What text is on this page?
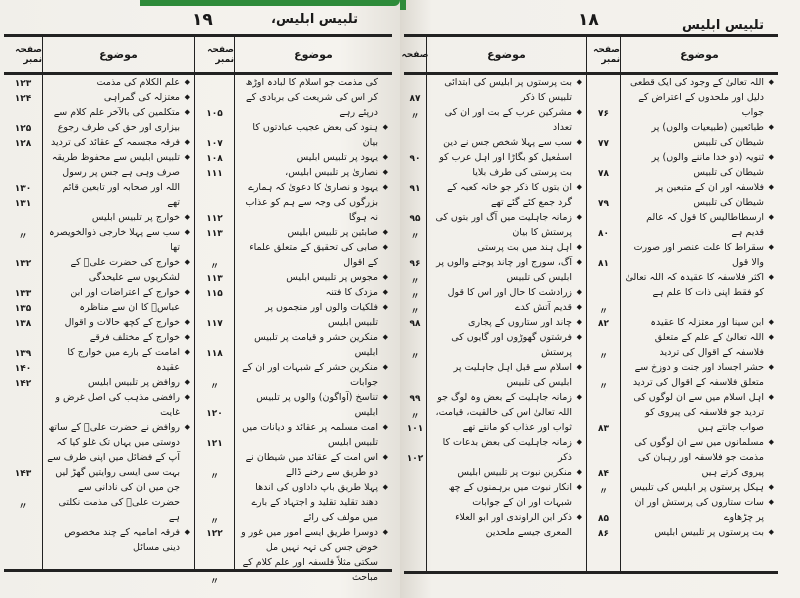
۱۹	تلبیس ابلیس،
موضوع
کی مذمت جو اسلام کا لبادہ اوڑھ کر اس کی شریعت کی بربادی کے درپئے رہے
◆
ہنود کی بعض عجیب عبادتوں کا بیان
◆
یہود پر تلبیس ابلیس
◆
نصاریٰ پر تلبیس ابلیس،
◆
یہود و نصاریٰ کا دعویٰ کہ ہمارے بزرگوں کی وجہ سے ہم کو عذاب نہ ہوگا
◆
صابئین پر تلبیس ابلیس
◆
صابی کی تحقیق کے متعلق علماء کے اقوال
◆
مجوس پر تلبیس ابلیس
◆
مزدک کا فتنہ
◆
فلکیات والوں اور منجموں پر تلبیس ابلیس
◆
منکرین حشر و قیامت پر تلبیس ابلیس
◆
منکرین حشر کے شبہات اور ان کے جوابات
◆
تناسخ (آواگون) والوں پر تلبیس ابلیس
◆
امت مسلمہ پر عقائد و دیانات میں تلبیس ابلیس
◆
اس امت کے عقائد میں شیطان نے دو طریق سے رخنے ڈالے
◆
پہلا طریق باپ داداوں کی اندھا دھند تقلید تقلید و اجتہاد کے بارے میں مولف کی رائے
◆
دوسرا طریق ایسے امور میں غور و خوض جس کی تہہ نہیں مل سکتی مثلاً فلسفہ اور علم کلام کے مباحث
صفحہ نمبر
۱۰۵
۱۰۷
۱۰۸
۱۱۱
۱۱۲
۱۱۳
〃
۱۱۳
۱۱۵
۱۱۷
۱۱۸
〃
۱۲۰
۱۲۱
〃
〃
۱۲۲
〃
موضوع
◆
علم الکلام کی مذمت
◆
معتزلہ کی گمراہی
◆
متکلمین کی بالآخر علم کلام سے بیزاری اور حق کی طرف رجوع
◆
فرقہ مجسمہ کے عقائد کی تردید
◆
تلبیس ابلیس سے محفوظ طریقہ صرف وہی ہے جس پر رسول اللہ اور صحابہ اور تابعین قائم تھے
◆
خوارج پر تلبیس ابلیس
◆
سب سے پہلا خارجی ذوالخویصرہ تھا
◆
خوارج کی حضرت علیؓ کے لشکریوں سے علیحدگی
◆
خوارج کے اعتراضات اور ابن عباسؓ کا ان سے مناظرہ
◆
خوارج کے کچھ حالات و اقوال
◆
خوارج کے مختلف فرقے
◆
امامت کے بارے میں خوارج کا عقیدہ
◆
روافض پر تلبیس ابلیس
◆
رافضی مذہب کی اصل غرض و غایت
◆
روافض نے حضرت علیؓ کے ساتھ دوستی میں یہاں تک غلو کیا کہ آپ کے فضائل میں اپنی طرف سے بہت سی ایسی روایتیں گھڑ لیں جن میں ان کی نادانی سے حضرت علیؓ کی مذمت نکلتی ہے
◆
فرقہ امامیہ کے چند مخصوص دینی مسائل
صفحہ نمبر
۱۲۳
۱۲۴
۱۲۵
۱۲۸
۱۳۰
۱۳۱
〃
۱۳۲
۱۳۳
۱۳۵
۱۳۸
۱۳۹
۱۴۰
۱۴۲
۱۴۳
〃
۱۸	تلبیس ابلیس
موضوع
◆
اللہ تعالیٰ کے وجود کی ایک قطعی دلیل اور ملحدوں کے اعتراض کے جواب
◆
طبائعیین (طبیعیات والوں) پر شیطان کی تلبیس
◆
ثنویہ (دو خدا ماننے والوں) پر شیطان کی تلبیس
◆
فلاسفہ اور ان کے متبعین پر شیطان کی تلبیس
◆
ارسطاطالیس کا قول کہ عالم قدیم ہے
◆
سقراط کا علت عنصر اور صورت والا قول
◆
اکثر فلاسفہ کا عقیدہ کہ اللہ تعالیٰ کو فقط اپنی ذات کا علم ہے
◆
ابن سینا اور معتزلہ کا عقیدہ
◆
اللہ تعالیٰ کے علم کے متعلق فلاسفہ کے اقوال کی تردید
◆
حشر اجساد اور جنت و دوزخ سے متعلق فلاسفہ کے اقوال کی تردید
◆
اہل اسلام میں سے ان لوگوں کی تردید جو فلاسفہ کی پیروی کو صواب جانتے ہیں
◆
مسلمانوں میں سے ان لوگوں کی مذمت جو فلاسفہ اور رہبان کی پیروی کرتے ہیں
◆
ہیکل پرستوں پر ابلیس کی تلبیس
◆
سات ستاروں کی پرستش اور ان پر چڑھاوے
◆
بت پرستوں پر تلبیس ابلیس
صفحہ نمبر
۷۶
۷۷
۷۸
۷۹
۸۰
۸۱
〃
۸۲
〃
〃
۸۳
۸۴
〃
۸۵
۸۶
موضوع
◆
بت پرستوں پر ابلیس کی ابتدائی تلبیس کا ذکر
◆
مشرکین عرب کے بت اور ان کی تعداد
◆
سب سے پہلا شخص جس نے دین اسمٰعیل کو بگاڑا اور اہل عرب کو بت پرستی کی طرف بلایا
◆
ان بتوں کا ذکر جو خانہ کعبہ کے گرد جمع کئے گئے تھے
◆
زمانہ جاہلیت میں آگ اور بتوں کی پرستش کا بیان
◆
اہل ہند میں بت پرستی
◆
آگ، سورج اور چاند پوجنے والوں پر ابلیس کی تلبیس
◆
زرادشت کا حال اور اس کا قول
◆
قدیم آتش کدے
◆
چاند اور ستاروں کے پجاری
◆
فرشتوں گھوڑوں اور گایوں کی پرستش
◆
اسلام سے قبل اہل جاہلیت پر ابلیس کی تلبیس
◆
زمانہ جاہلیت کے بعض وہ لوگ جو اللہ تعالیٰ اس کی خالقیت، قیامت، ثواب اور عذاب کو مانتے تھے
◆
زمانہ جاہلیت کی بعض بدعات کا ذکر
◆
منکرین نبوت پر تلبیس ابلیس
◆
انکار نبوت میں برہمنوں کے چھ شبہات اور ان کے جوابات
◆
ذکر ابن الراوندی اور ابو العلاء المعری جیسے ملحدین
صفحہ
۸۷
〃
۹۰
۹۱
۹۵
〃
۹۶
〃
〃
〃
۹۸
〃
۹۹
〃
۱۰۱
۱۰۲
